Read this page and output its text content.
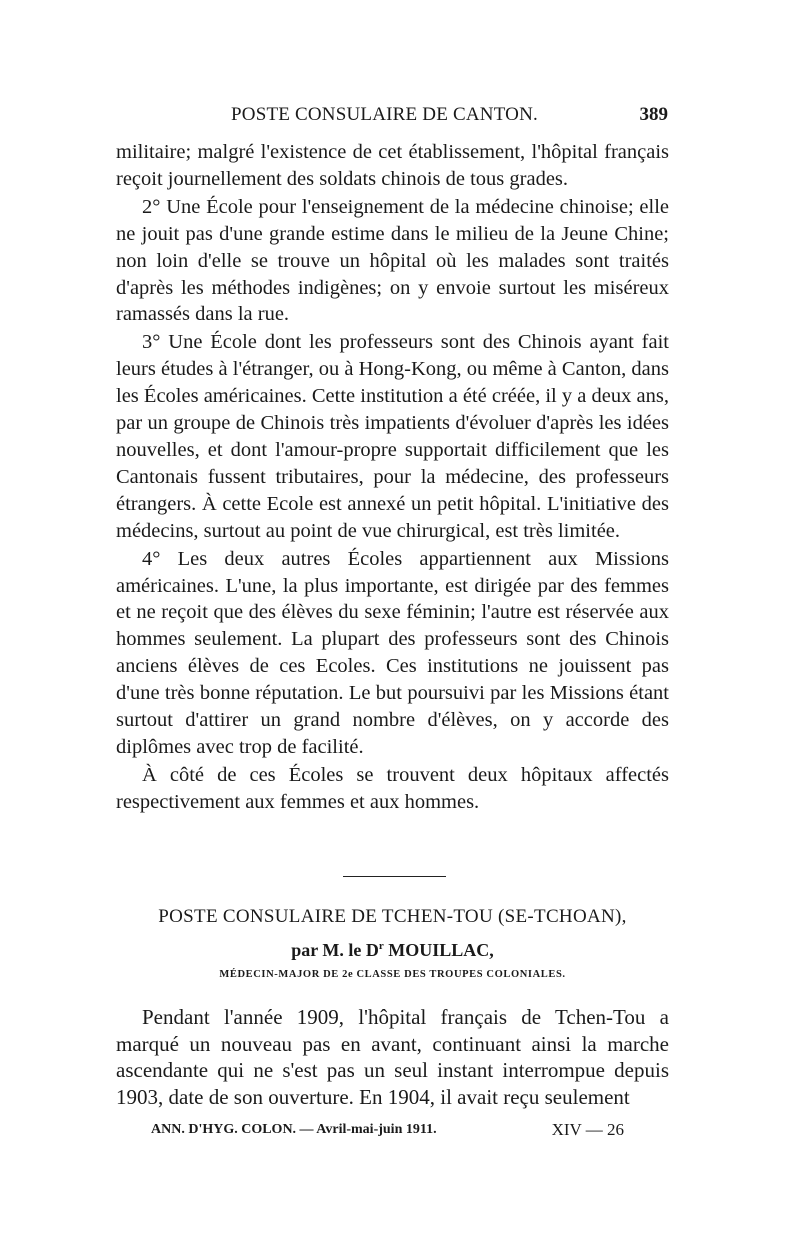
POSTE CONSULAIRE DE CANTON.	389

militaire; malgré l'existence de cet établissement, l'hôpital français reçoit journellement des soldats chinois de tous grades.

2° Une École pour l'enseignement de la médecine chinoise; elle ne jouit pas d'une grande estime dans le milieu de la Jeune Chine; non loin d'elle se trouve un hôpital où les malades sont traités d'après les méthodes indigènes; on y envoie surtout les miséreux ramassés dans la rue.

3° Une École dont les professeurs sont des Chinois ayant fait leurs études à l'étranger, ou à Hong-Kong, ou même à Canton, dans les Écoles américaines. Cette institution a été créée, il y a deux ans, par un groupe de Chinois très impatients d'évoluer d'après les idées nouvelles, et dont l'amour-propre supportait difficilement que les Cantonais fussent tributaires, pour la médecine, des professeurs étrangers. À cette Ecole est annexé un petit hôpital. L'initiative des médecins, surtout au point de vue chirurgical, est très limitée.

4° Les deux autres Écoles appartiennent aux Missions américaines. L'une, la plus importante, est dirigée par des femmes et ne reçoit que des élèves du sexe féminin; l'autre est réservée aux hommes seulement. La plupart des professeurs sont des Chinois anciens élèves de ces Ecoles. Ces institutions ne jouissent pas d'une très bonne réputation. Le but poursuivi par les Missions étant surtout d'attirer un grand nombre d'élèves, on y accorde des diplômes avec trop de facilité.

À côté de ces Écoles se trouvent deux hôpitaux affectés respectivement aux femmes et aux hommes.

POSTE CONSULAIRE DE TCHEN-TOU (SE-TCHOAN),
par M. le $D^r$ MOUILLAC,
MÉDECIN-MAJOR DE 2e CLASSE DES TROUPES COLONIALES.

Pendant l'année 1909, l'hôpital français de Tchen-Tou a marqué un nouveau pas en avant, continuant ainsi la marche ascendante qui ne s'est pas un seul instant interrompue depuis 1903, date de son ouverture. En 1904, il avait reçu seulement

ANN. D'HYG. COLON. — Avril-mai-juin 1911.	XIV — 26
